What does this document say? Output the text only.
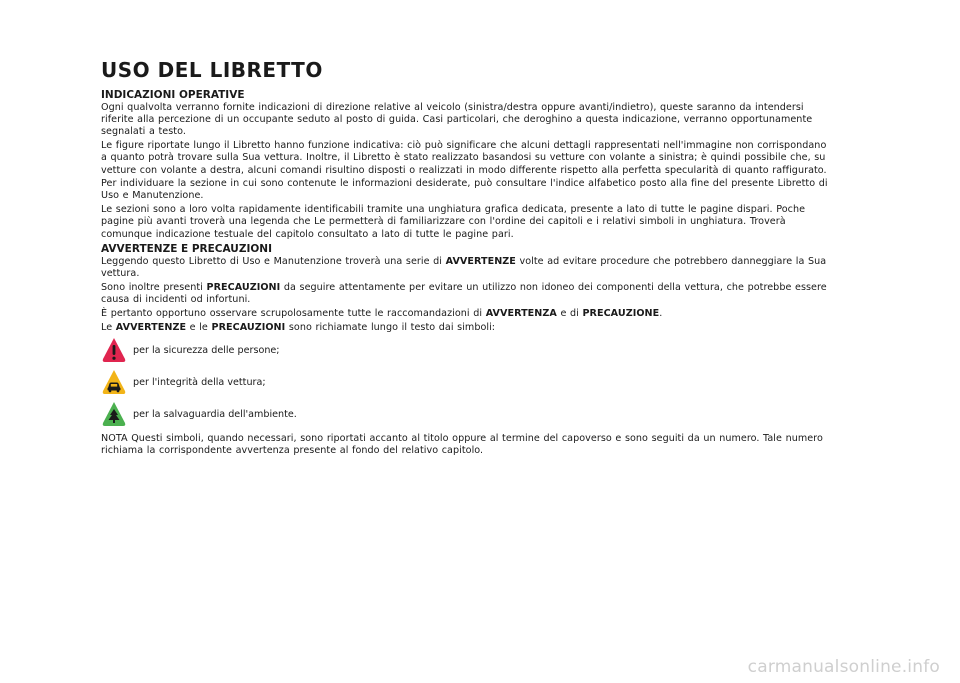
USO DEL LIBRETTO
INDICAZIONI OPERATIVE

Ogni qualvolta verranno fornite indicazioni di direzione relative al veicolo (sinistra/destra oppure avanti/indietro), queste saranno da intendersi riferite alla percezione di un occupante seduto al posto di guida. Casi particolari, che deroghino a questa indicazione, verranno opportunamente segnalati a testo.

Le figure riportate lungo il Libretto hanno funzione indicativa: ciò può significare che alcuni dettagli rappresentati nell'immagine non corrispondano a quanto potrà trovare sulla Sua vettura. Inoltre, il Libretto è stato realizzato basandosi su vetture con volante a sinistra; è quindi possibile che, su vetture con volante a destra, alcuni comandi risultino disposti o realizzati in modo differente rispetto alla perfetta specularità di quanto raffigurato.

Per individuare la sezione in cui sono contenute le informazioni desiderate, può consultare l'indice alfabetico posto alla fine del presente Libretto di Uso e Manutenzione.

Le sezioni sono a loro volta rapidamente identificabili tramite una unghiatura grafica dedicata, presente a lato di tutte le pagine dispari. Poche pagine più avanti troverà una legenda che Le permetterà di familiarizzare con l'ordine dei capitoli e i relativi simboli in unghiatura. Troverà comunque indicazione testuale del capitolo consultato a lato di tutte le pagine pari.

AVVERTENZE E PRECAUZIONI

Leggendo questo Libretto di Uso e Manutenzione troverà una serie di AVVERTENZE volte ad evitare procedure che potrebbero danneggiare la Sua vettura.

Sono inoltre presenti PRECAUZIONI da seguire attentamente per evitare un utilizzo non idoneo dei componenti della vettura, che potrebbe essere causa di incidenti od infortuni.

È pertanto opportuno osservare scrupolosamente tutte le raccomandazioni di AVVERTENZA e di PRECAUZIONE.

Le AVVERTENZE e le PRECAUZIONI sono richiamate lungo il testo dai simboli:

per la sicurezza delle persone;
per l'integrità della vettura;
per la salvaguardia dell'ambiente.

NOTA Questi simboli, quando necessari, sono riportati accanto al titolo oppure al termine del capoverso e sono seguiti da un numero. Tale numero richiama la corrispondente avvertenza presente al fondo del relativo capitolo.

carmanualsonline.info
